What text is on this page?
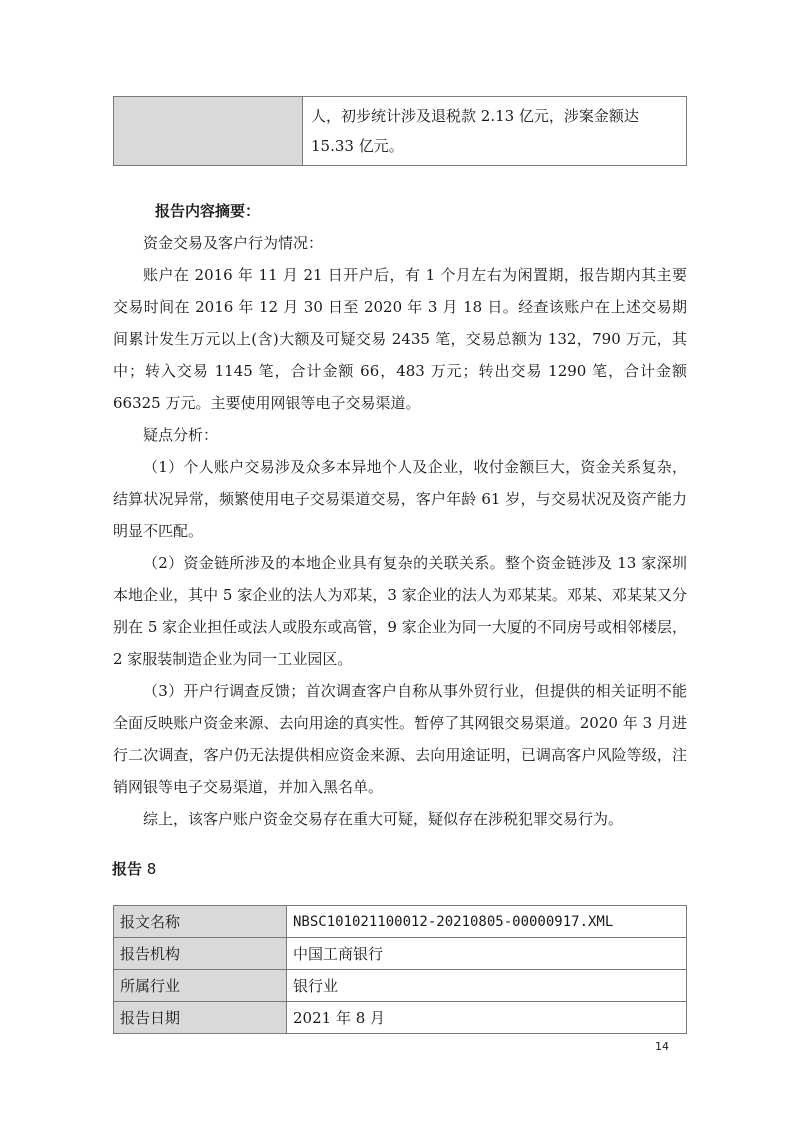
	人，初步统计涉及退税款 2.13 亿元，涉案金额达 15.33 亿元。
报告内容摘要：

资金交易及客户行为情况：

账户在 2016 年 11 月 21 日开户后，有 1 个月左右为闲置期，报告期内其主要交易时间在 2016 年 12 月 30 日至 2020 年 3 月 18 日。经查该账户在上述交易期间累计发生万元以上(含)大额及可疑交易 2435 笔，交易总额为 132，790 万元，其中；转入交易 1145 笔，合计金额 66，483 万元；转出交易 1290 笔，合计金额 66325 万元。主要使用网银等电子交易渠道。

疑点分析：

（1）个人账户交易涉及众多本异地个人及企业，收付金额巨大，资金关系复杂，结算状况异常，频繁使用电子交易渠道交易，客户年龄 61 岁，与交易状况及资产能力明显不匹配。

（2）资金链所涉及的本地企业具有复杂的关联关系。整个资金链涉及 13 家深圳本地企业，其中 5 家企业的法人为邓某，3 家企业的法人为邓某某。邓某、邓某某又分别在 5 家企业担任或法人或股东或高管，9 家企业为同一大厦的不同房号或相邻楼层，2 家服装制造企业为同一工业园区。

（3）开户行调查反馈；首次调查客户自称从事外贸行业，但提供的相关证明不能全面反映账户资金来源、去向用途的真实性。暂停了其网银交易渠道。2020 年 3 月进行二次调查，客户仍无法提供相应资金来源、去向用途证明，已调高客户风险等级，注销网银等电子交易渠道，并加入黑名单。

综上，该客户账户资金交易存在重大可疑，疑似存在涉税犯罪交易行为。

报告 8
报文名称	NBSC101021100012-20210805-00000917.XML
报告机构	中国工商银行
所属行业	银行业
报告日期	2021 年 8 月
14
